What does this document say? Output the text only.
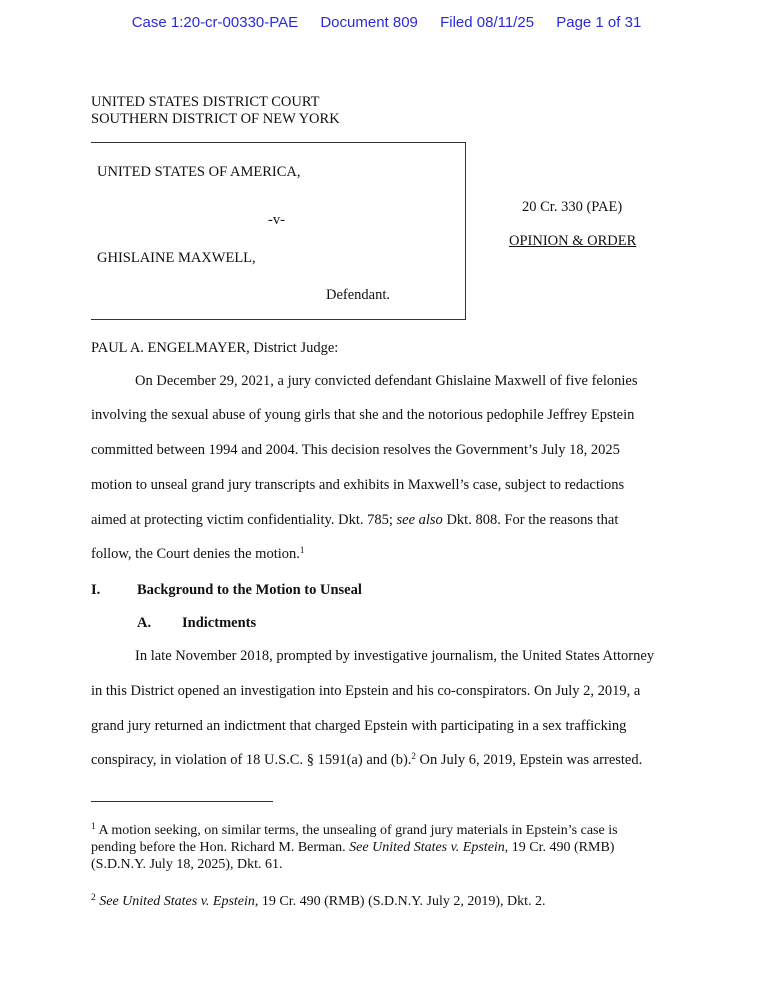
Case 1:20-cr-00330-PAE Document 809 Filed 08/11/25 Page 1 of 31
UNITED STATES DISTRICT COURT
SOUTHERN DISTRICT OF NEW YORK
UNITED STATES OF AMERICA,
-v-
GHISLAINE MAXWELL,
Defendant.
20 Cr. 330 (PAE)
OPINION & ORDER
PAUL A. ENGELMAYER, District Judge:
On December 29, 2021, a jury convicted defendant Ghislaine Maxwell of five felonies
involving the sexual abuse of young girls that she and the notorious pedophile Jeffrey Epstein
committed between 1994 and 2004. This decision resolves the Government’s July 18, 2025
motion to unseal grand jury transcripts and exhibits in Maxwell’s case, subject to redactions
aimed at protecting victim confidentiality. Dkt. 785; see also Dkt. 808. For the reasons that
follow, the Court denies the motion.$^1$
I.	Background to the Motion to Unseal
A. Indictments
In late November 2018, prompted by investigative journalism, the United States Attorney
in this District opened an investigation into Epstein and his co-conspirators. On July 2, 2019, a
grand jury returned an indictment that charged Epstein with participating in a sex trafficking
conspiracy, in violation of 18 U.S.C. § 1591(a) and (b).$^2$ On July 6, 2019, Epstein was arrested.
$^1$ A motion seeking, on similar terms, the unsealing of grand jury materials in Epstein’s case is
pending before the Hon. Richard M. Berman. See United States v. Epstein, 19 Cr. 490 (RMB)
(S.D.N.Y. July 18, 2025), Dkt. 61.
$^2$ See United States v. Epstein, 19 Cr. 490 (RMB) (S.D.N.Y. July 2, 2019), Dkt. 2.
